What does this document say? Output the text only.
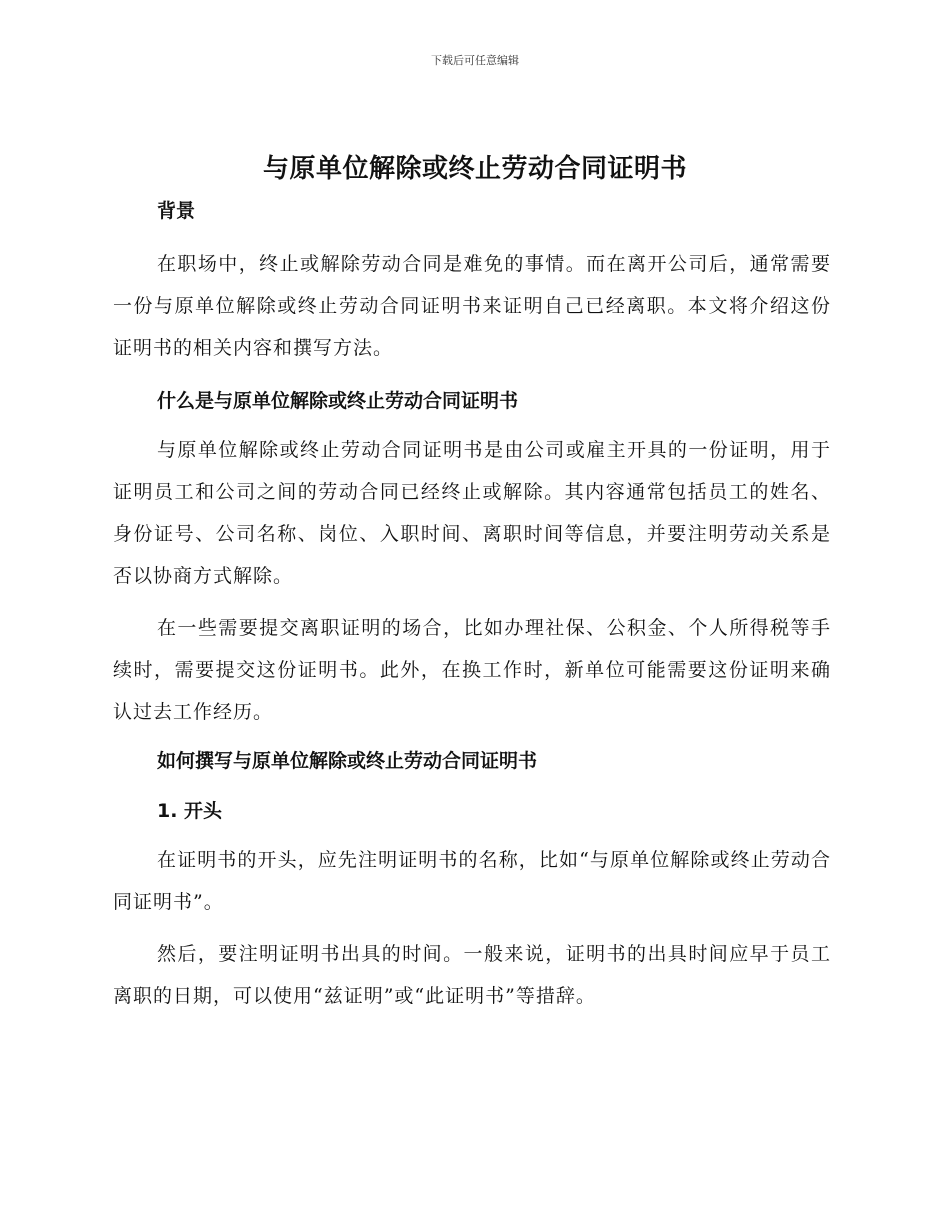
下载后可任意编辑
与原单位解除或终止劳动合同证明书
背景

在职场中，终止或解除劳动合同是难免的事情。而在离开公司后，通常需要一份与原单位解除或终止劳动合同证明书来证明自己已经离职。本文将介绍这份证明书的相关内容和撰写方法。

什么是与原单位解除或终止劳动合同证明书

与原单位解除或终止劳动合同证明书是由公司或雇主开具的一份证明，用于证明员工和公司之间的劳动合同已经终止或解除。其内容通常包括员工的姓名、身份证号、公司名称、岗位、入职时间、离职时间等信息，并要注明劳动关系是否以协商方式解除。

在一些需要提交离职证明的场合，比如办理社保、公积金、个人所得税等手续时，需要提交这份证明书。此外，在换工作时，新单位可能需要这份证明来确认过去工作经历。

如何撰写与原单位解除或终止劳动合同证明书
1. 开头

在证明书的开头，应先注明证明书的名称，比如“与原单位解除或终止劳动合同证明书”。

然后，要注明证明书出具的时间。一般来说，证明书的出具时间应早于员工离职的日期，可以使用“兹证明”或“此证明书”等措辞。
